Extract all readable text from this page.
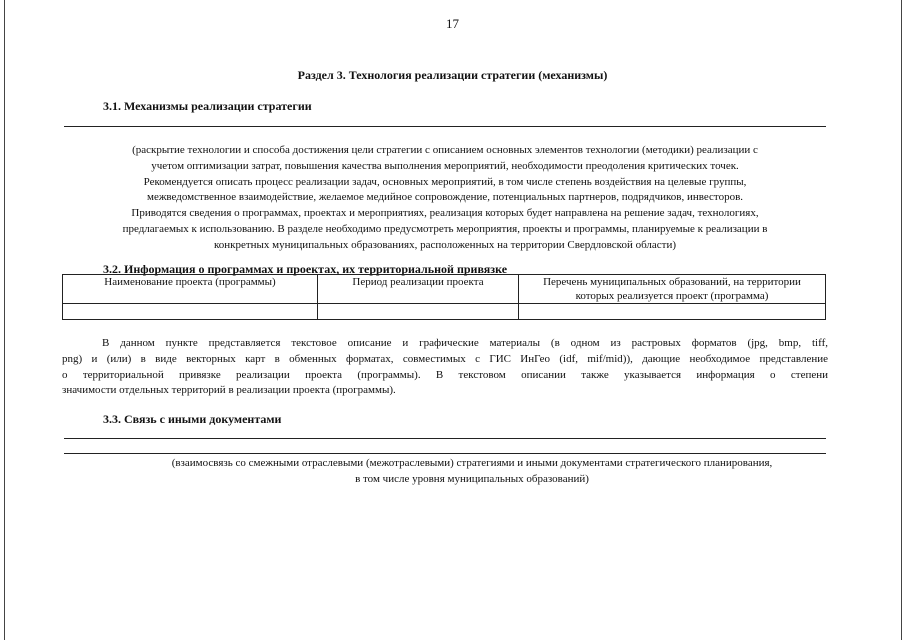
17
Раздел 3. Технология реализации стратегии (механизмы)
3.1. Механизмы реализации стратегии
(раскрытие технологии и способа достижения цели стратегии с описанием основных элементов технологии (методики) реализации с
учетом оптимизации затрат, повышения качества выполнения мероприятий, необходимости преодоления критических точек.
Рекомендуется описать процесс реализации задач, основных мероприятий, в том числе степень воздействия на целевые группы,
межведомственное взаимодействие, желаемое медийное сопровождение, потенциальных партнеров, подрядчиков, инвесторов.
Приводятся сведения о программах, проектах и мероприятиях, реализация которых будет направлена на решение задач, технологиях,
предлагаемых к использованию. В разделе необходимо предусмотреть мероприятия, проекты и программы, планируемые к реализации в
конкретных муниципальных образованиях, расположенных на территории Свердловской области)
3.2. Информация о программах и проектах, их территориальной привязке
Наименование проекта (программы)	Период реализации проекта	Перечень муниципальных образований, на территории которых реализуется проект (программа)

В данном пункте представляется текстовое описание и графические материалы (в одном из растровых форматов (jpg, bmp, tiff,
png) и (или) в виде векторных карт в обменных форматах, совместимых с ГИС ИнГео (idf, mif/mid)), дающие необходимое представление
о территориальной привязке реализации проекта (программы). В текстовом описании также указывается информация о степени
значимости отдельных территорий в реализации проекта (программы).
3.3. Связь с иными документами
(взаимосвязь со смежными отраслевыми (межотраслевыми) стратегиями и иными документами стратегического планирования,
в том числе уровня муниципальных образований)
